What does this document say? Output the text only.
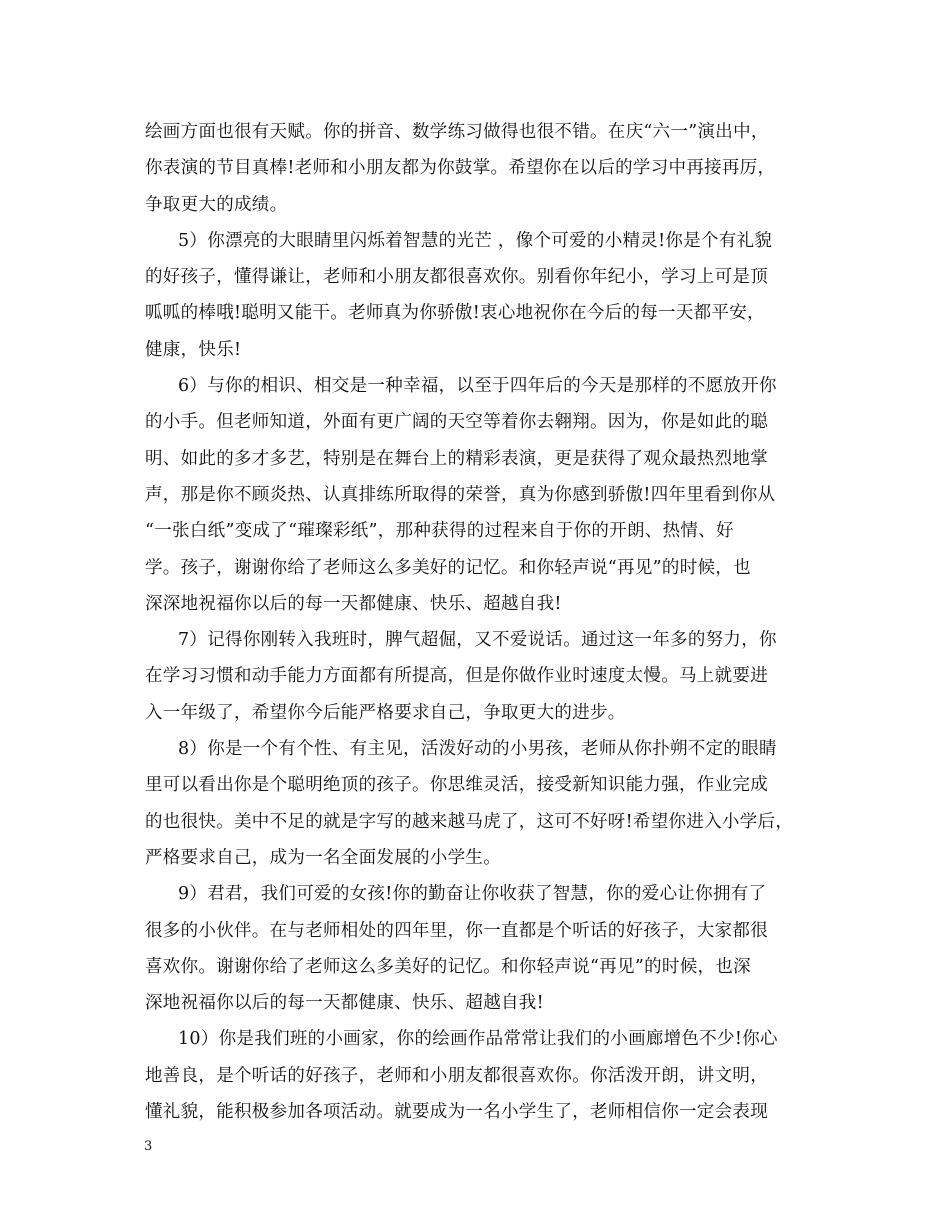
绘画方面也很有天赋。你的拼音、数学练习做得也很不错。在庆“六一”演出中，
你表演的节目真棒!老师和小朋友都为你鼓掌。希望你在以后的学习中再接再厉，
争取更大的成绩。
5）你漂亮的大眼睛里闪烁着智慧的光芒 ，像个可爱的小精灵!你是个有礼貌
的好孩子，懂得谦让，老师和小朋友都很喜欢你。别看你年纪小，学习上可是顶
呱呱的棒哦!聪明又能干。老师真为你骄傲!衷心地祝你在今后的每一天都平安，
健康，快乐!
6）与你的相识、相交是一种幸福，以至于四年后的今天是那样的不愿放开你
的小手。但老师知道，外面有更广阔的天空等着你去翱翔。因为，你是如此的聪
明、如此的多才多艺，特别是在舞台上的精彩表演，更是获得了观众最热烈地掌
声，那是你不顾炎热、认真排练所取得的荣誉，真为你感到骄傲!四年里看到你从
“一张白纸”变成了“璀璨彩纸”，那种获得的过程来自于你的开朗、热情、好
学。孩子，谢谢你给了老师这么多美好的记忆。和你轻声说“再见”的时候，也
深深地祝福你以后的每一天都健康、快乐、超越自我!
7）记得你刚转入我班时，脾气超倔，又不爱说话。通过这一年多的努力，你
在学习习惯和动手能力方面都有所提高，但是你做作业时速度太慢。马上就要进
入一年级了，希望你今后能严格要求自己，争取更大的进步。
8）你是一个有个性、有主见，活泼好动的小男孩，老师从你扑朔不定的眼睛
里可以看出你是个聪明绝顶的孩子。你思维灵活，接受新知识能力强，作业完成
的也很快。美中不足的就是字写的越来越马虎了，这可不好呀!希望你进入小学后，
严格要求自己，成为一名全面发展的小学生。
9）君君，我们可爱的女孩!你的勤奋让你收获了智慧，你的爱心让你拥有了
很多的小伙伴。在与老师相处的四年里，你一直都是个听话的好孩子，大家都很
喜欢你。谢谢你给了老师这么多美好的记忆。和你轻声说“再见”的时候，也深
深地祝福你以后的每一天都健康、快乐、超越自我!
10）你是我们班的小画家，你的绘画作品常常让我们的小画廊增色不少!你心
地善良，是个听话的好孩子，老师和小朋友都很喜欢你。你活泼开朗，讲文明，
懂礼貌，能积极参加各项活动。就要成为一名小学生了，老师相信你一定会表现
3
